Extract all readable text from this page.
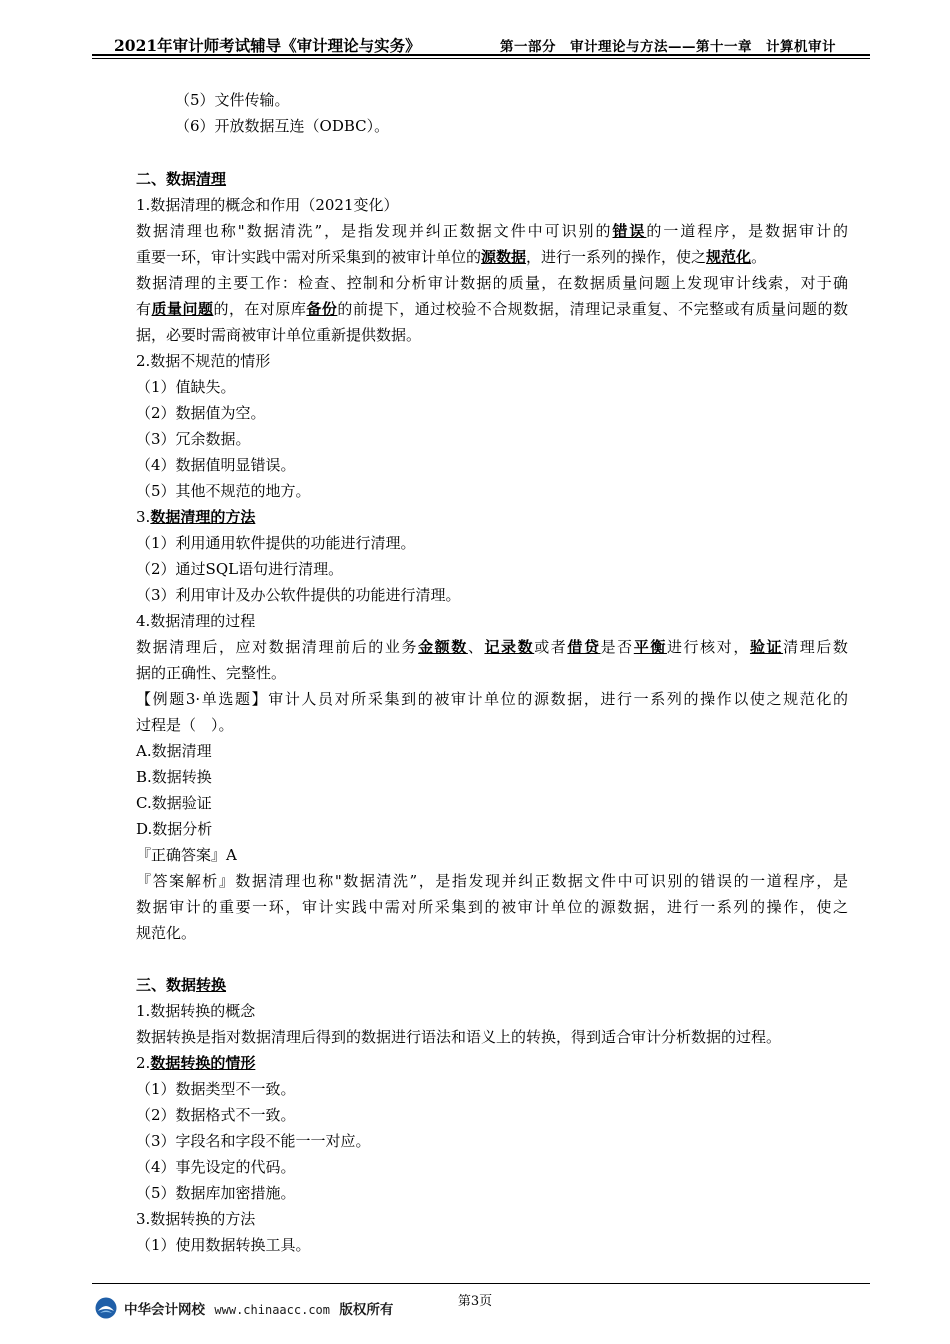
2021年审计师考试辅导《审计理论与实务》	第一部分　审计理论与方法——第十一章　计算机审计
（5）文件传输。
（6）开放数据互连（ODBC）。
二、数据清理
1.数据清理的概念和作用（2021变化）
数据清理也称"数据清洗”，是指发现并纠正数据文件中可识别的错误的一道程序，是数据审计的
重要一环，审计实践中需对所采集到的被审计单位的源数据，进行一系列的操作，使之规范化。
数据清理的主要工作：检查、控制和分析审计数据的质量，在数据质量问题上发现审计线索，对于确
有质量问题的，在对原库备份的前提下，通过校验不合规数据，清理记录重复、不完整或有质量问题的数
据，必要时需商被审计单位重新提供数据。
2.数据不规范的情形
（1）值缺失。
（2）数据值为空。
（3）冗余数据。
（4）数据值明显错误。
（5）其他不规范的地方。
3.数据清理的方法
（1）利用通用软件提供的功能进行清理。
（2）通过SQL语句进行清理。
（3）利用审计及办公软件提供的功能进行清理。
4.数据清理的过程
数据清理后，应对数据清理前后的业务金额数、记录数或者借贷是否平衡进行核对，验证清理后数
据的正确性、完整性。
【例题3·单选题】审计人员对所采集到的被审计单位的源数据，进行一系列的操作以使之规范化的
过程是（　）。
A.数据清理
B.数据转换
C.数据验证
D.数据分析
『正确答案』A
『答案解析』数据清理也称"数据清洗”，是指发现并纠正数据文件中可识别的错误的一道程序，是
数据审计的重要一环，审计实践中需对所采集到的被审计单位的源数据，进行一系列的操作，使之
规范化。
三、数据转换
1.数据转换的概念
数据转换是指对数据清理后得到的数据进行语法和语义上的转换，得到适合审计分析数据的过程。
2.数据转换的情形
（1）数据类型不一致。
（2）数据格式不一致。
（3）字段名和字段不能一一对应。
（4）事先设定的代码。
（5）数据库加密措施。
3.数据转换的方法
（1）使用数据转换工具。
第3页
中华会计网校 www.chinaacc.com 版权所有
